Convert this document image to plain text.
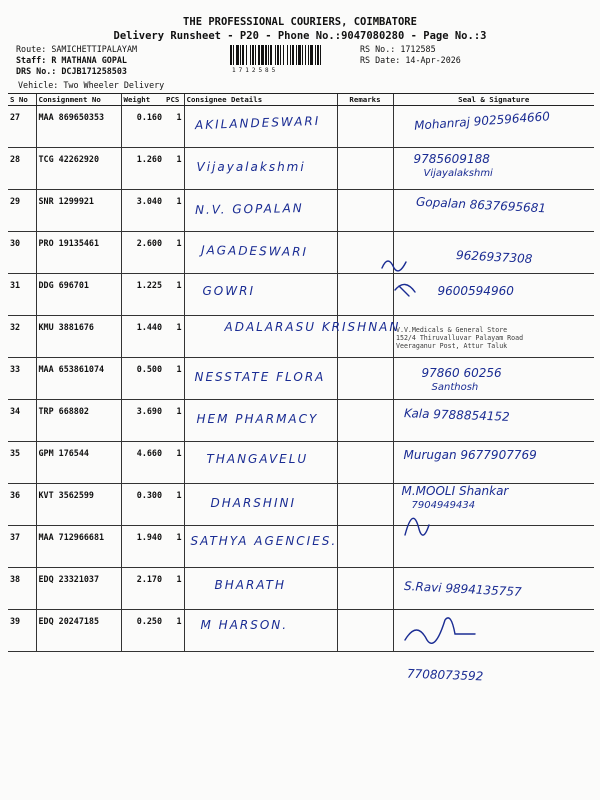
THE PROFESSIONAL COURIERS, COIMBATORE
Delivery Runsheet - P20 - Phone No.:9047080280 - Page No.:3
Route: SAMICHETTIPALAYAM
Staff: R MATHANA GOPAL
DRS No.: DCJB171258503	1712585
RS No.: 1712585
RS Date: 14-Apr-2026
Vehicle: Two Wheeler Delivery
S No	Consignment No	Weight	PCS	Consignee Details	Remarks	Seal & Signature
27	MAA 869650353	0.160	1	AKILANDESWARI		Mohanraj 9025964660

28	TCG 42262920	1.260	1	Vijayalakshmi		9785609188
Vijayalakshmi

29	SNR 1299921	3.040	1	N.V. GOPALAN		Gopalan 8637695681

30	PRO 19135461	2.600	1	JAGADESWARI		9626937308

31	DDG 696701	1.225	1	GOWRI		9600594960

32	KMU 3881676	1.440	1	ADALARASU KRISHNAN		

33	MAA 653861074	0.500	1	NESSTATE FLORA		97860 60256
Santhosh

34	TRP 668802	3.690	1	HEM PHARMACY		Kala 9788854152

35	GPM 176544	4.660	1	THANGAVELU		Murugan 9677907769

36	KVT 3562599	0.300	1	DHARSHINI		M.MOOLI Shankar
7904949434

37	MAA 712966681	1.940	1	SATHYA AGENCIES.		

38	EDQ 23321037	2.170	1	BHARATH		S.Ravi 9894135757

39	EDQ 20247185	0.250	1	M HARSON.		

V.V.Medicals & General Store
152/4 Thiruvalluvar Palayam Road
Veeraganur Post, Attur Taluk
7708073592
